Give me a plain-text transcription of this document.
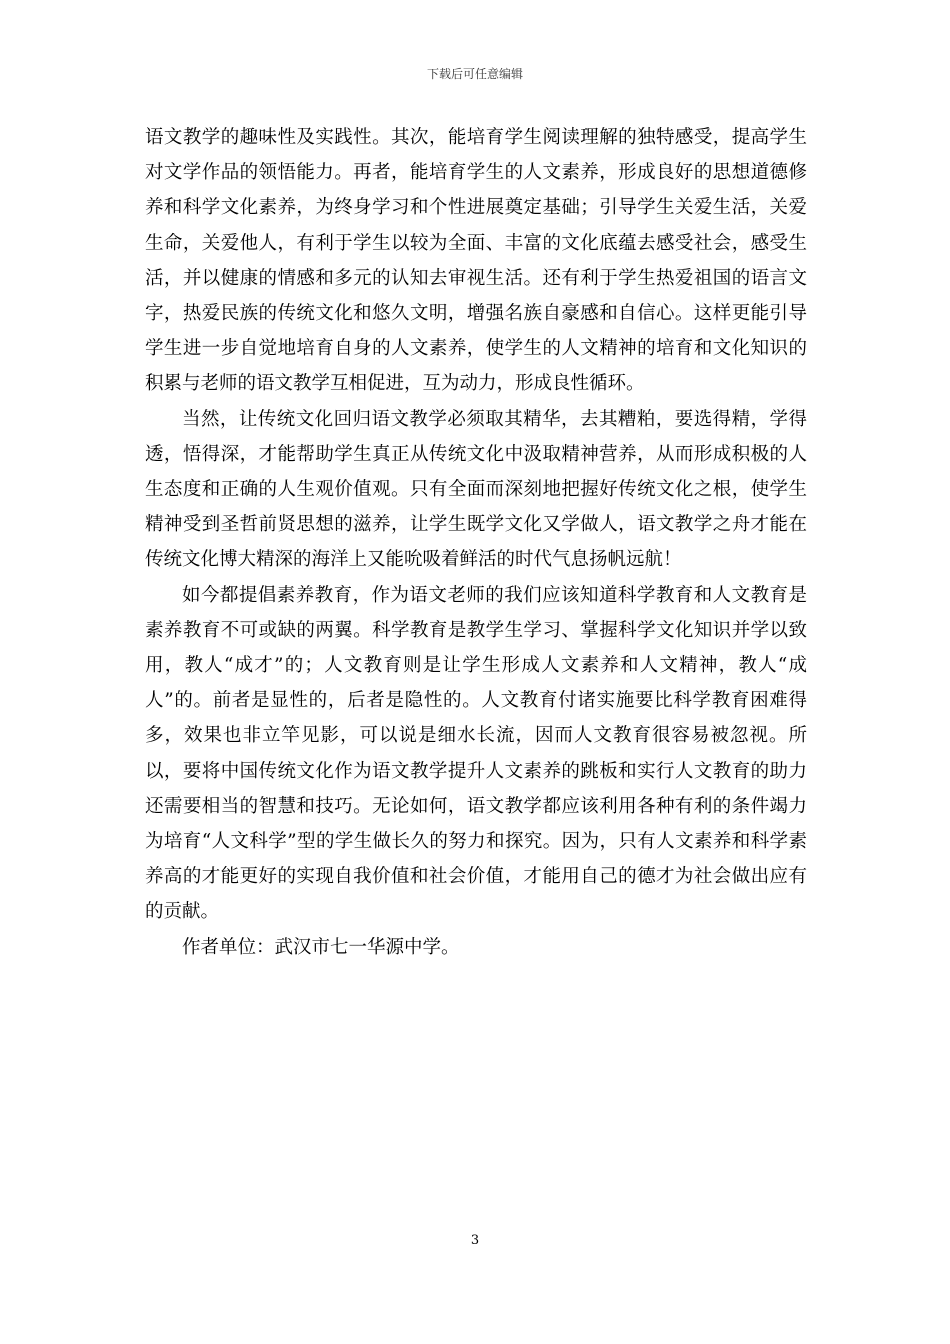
下载后可任意编辑

语文教学的趣味性及实践性。其次，能培育学生阅读理解的独特感受，提高学生对文学作品的领悟能力。再者，能培育学生的人文素养，形成良好的思想道德修养和科学文化素养，为终身学习和个性进展奠定基础；引导学生关爱生活，关爱生命，关爱他人，有利于学生以较为全面、丰富的文化底蕴去感受社会，感受生活，并以健康的情感和多元的认知去审视生活。还有利于学生热爱祖国的语言文字，热爱民族的传统文化和悠久文明，增强名族自豪感和自信心。这样更能引导学生进一步自觉地培育自身的人文素养，使学生的人文精神的培育和文化知识的积累与老师的语文教学互相促进，互为动力，形成良性循环。

当然，让传统文化回归语文教学必须取其精华，去其糟粕，要选得精，学得透，悟得深，才能帮助学生真正从传统文化中汲取精神营养，从而形成积极的人生态度和正确的人生观价值观。只有全面而深刻地把握好传统文化之根，使学生精神受到圣哲前贤思想的滋养，让学生既学文化又学做人，语文教学之舟才能在传统文化博大精深的海洋上又能吮吸着鲜活的时代气息扬帆远航！

如今都提倡素养教育，作为语文老师的我们应该知道科学教育和人文教育是素养教育不可或缺的两翼。科学教育是教学生学习、掌握科学文化知识并学以致用，教人“成才”的；人文教育则是让学生形成人文素养和人文精神，教人“成人”的。前者是显性的，后者是隐性的。人文教育付诸实施要比科学教育困难得多，效果也非立竿见影，可以说是细水长流，因而人文教育很容易被忽视。所以，要将中国传统文化作为语文教学提升人文素养的跳板和实行人文教育的助力还需要相当的智慧和技巧。无论如何，语文教学都应该利用各种有利的条件竭力为培育“人文科学”型的学生做长久的努力和探究。因为，只有人文素养和科学素养高的才能更好的实现自我价值和社会价值，才能用自己的德才为社会做出应有的贡献。

作者单位：武汉市七一华源中学。

3
